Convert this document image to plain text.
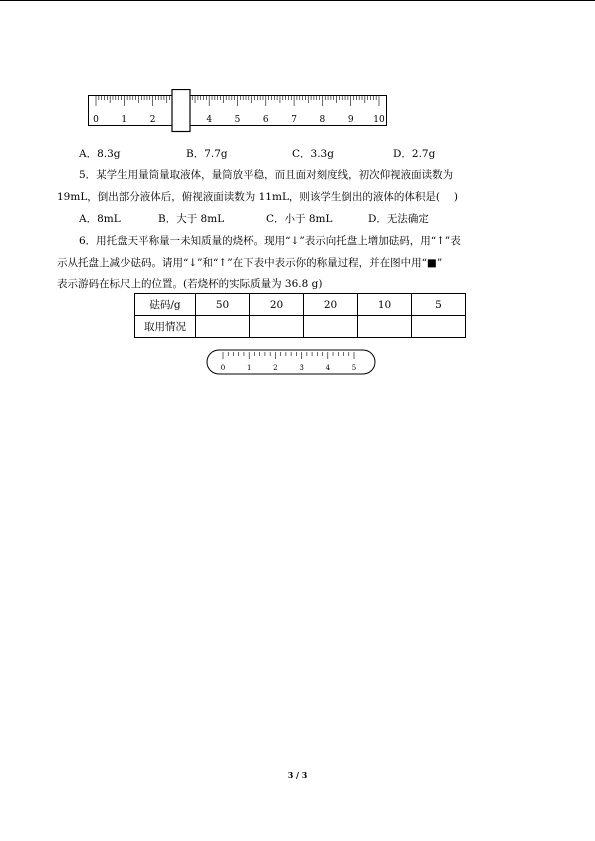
0	1	2	4	5	6	7	8	9 10
A．8.3g	B．7.7g	C．3.3g	D．2.7g
5．某学生用量筒量取液体，量筒放平稳，而且面对刻度线，初次仰视液面读数为
19mL，倒出部分液体后，俯视液面读数为 11mL，则该学生倒出的液体的体积是(　 )
A．8mL	B．大于 8mL	C．小于 8mL	D．无法确定
6．用托盘天平称量一未知质量的烧杯。现用“↓”表示向托盘上增加砝码，用“↑”表
示从托盘上减少砝码。请用“↓”和“↑”在下表中表示你的称量过程，并在图中用“■”
表示游码在标尺上的位置。(若烧杯的实际质量为 36.8 g)
砝码/g	50	20	20	10	5
取用情况					
0	1	2	3	4	5
3 / 3
